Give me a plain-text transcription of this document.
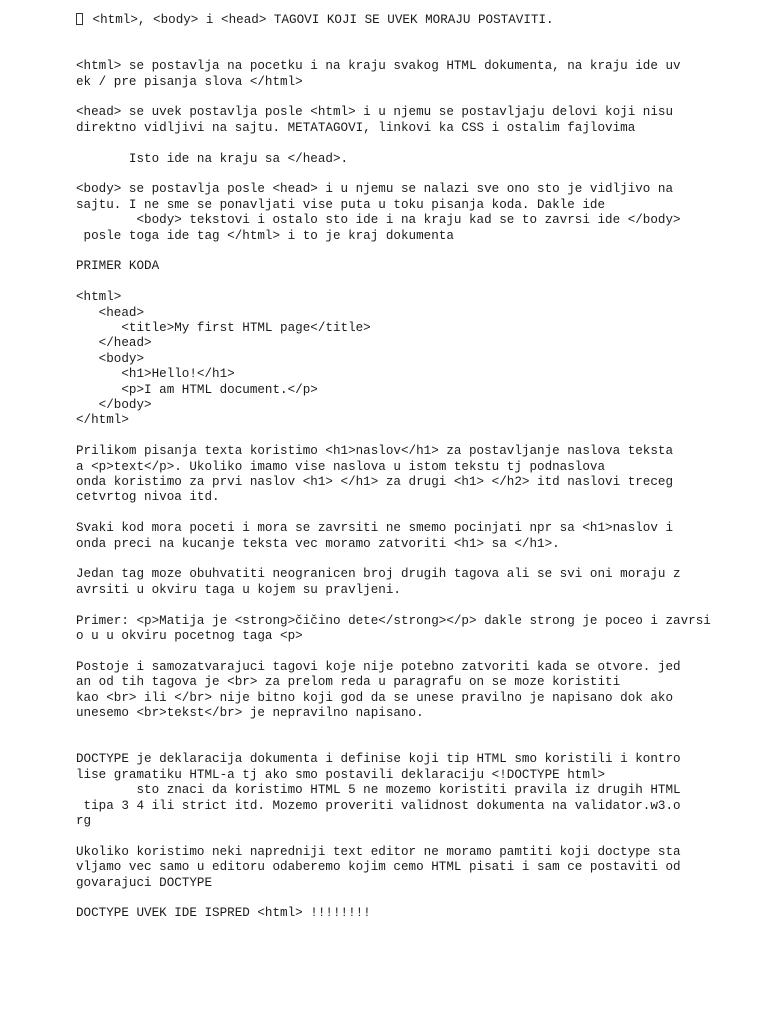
<html>, <body> i <head> TAGOVI KOJI SE UVEK MORAJU POSTAVITI.
<html> se postavlja na pocetku i na kraju svakog HTML dokumenta, na kraju ide uv
ek / pre pisanja slova </html>
<head> se uvek postavlja posle <html> i u njemu se postavljaju delovi koji nisu
direktno vidljivi na sajtu. METATAGOVI, linkovi ka CSS i ostalim fajlovima
Isto ide na kraju sa </head>.
<body> se postavlja posle <head> i u njemu se nalazi sve ono sto je vidljivo na
sajtu. I ne sme se ponavljati vise puta u toku pisanja koda. Dakle ide
<body> tekstovi i ostalo sto ide i na kraju kad se to zavrsi ide </body>
posle toga ide tag </html> i to je kraj dokumenta
PRIMER KODA
<html>
<head>
<title>My first HTML page</title>
</head>
<body>
<h1>Hello!</h1>
<p>I am HTML document.</p>
</body>
</html>
Prilikom pisanja texta koristimo <h1>naslov</h1> za postavljanje naslova teksta
a <p>text</p>. Ukoliko imamo vise naslova u istom tekstu tj podnaslova
onda koristimo za prvi naslov <h1> </h1> za drugi <h1> </h2> itd naslovi treceg
cetvrtog nivoa itd.
Svaki kod mora poceti i mora se zavrsiti ne smemo pocinjati npr sa <h1>naslov i
onda preci na kucanje teksta vec moramo zatvoriti <h1> sa </h1>.
Jedan tag moze obuhvatiti neogranicen broj drugih tagova ali se svi oni moraju z
avrsiti u okviru taga u kojem su pravljeni.
Primer: <p>Matija je <strong>čičino dete</strong></p> dakle strong je poceo i zavrsi
o u u okviru pocetnog taga <p>
Postoje i samozatvarajuci tagovi koje nije potebno zatvoriti kada se otvore. jed
an od tih tagova je <br> za prelom reda u paragrafu on se moze koristiti
kao <br> ili </br> nije bitno koji god da se unese pravilno je napisano dok ako
unesemo <br>tekst</br> je nepravilno napisano.
DOCTYPE je deklaracija dokumenta i definise koji tip HTML smo koristili i kontro
lise gramatiku HTML-a tj ako smo postavili deklaraciju <!DOCTYPE html>
sto znaci da koristimo HTML 5 ne mozemo koristiti pravila iz drugih HTML
tipa 3 4 ili strict itd. Mozemo proveriti validnost dokumenta na validator.w3.o
rg
Ukoliko koristimo neki napredniji text editor ne moramo pamtiti koji doctype sta
vljamo vec samo u editoru odaberemo kojim cemo HTML pisati i sam ce postaviti od
govarajuci DOCTYPE
DOCTYPE UVEK IDE ISPRED <html> !!!!!!!!
